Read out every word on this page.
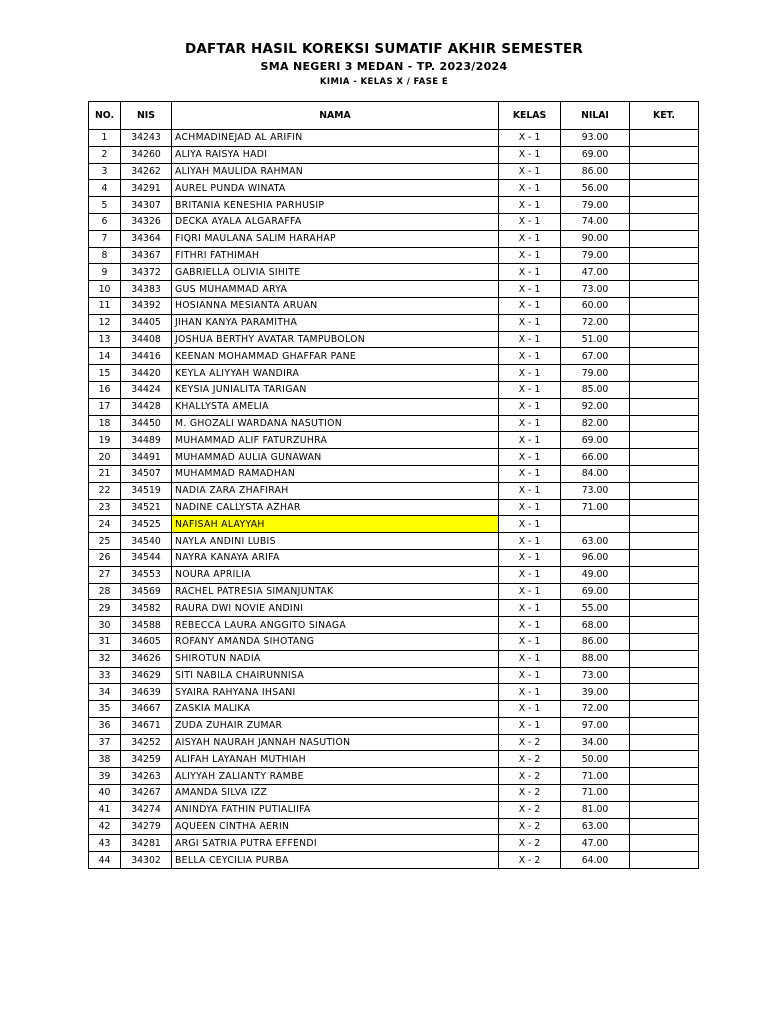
DAFTAR HASIL KOREKSI SUMATIF AKHIR SEMESTER
SMA NEGERI 3 MEDAN - TP. 2023/2024
KIMIA - KELAS X / FASE E
NO.	NIS	NAMA	KELAS	NILAI	KET.
1	34243	ACHMADINEJAD AL ARIFIN	X - 1	93.00	
2	34260	ALIYA RAISYA HADI	X - 1	69.00	
3	34262	ALIYAH MAULIDA RAHMAN	X - 1	86.00	
4	34291	AUREL PUNDA WINATA	X - 1	56.00	
5	34307	BRITANIA KENESHIA PARHUSIP	X - 1	79.00	
6	34326	DECKA AYALA ALGARAFFA	X - 1	74.00	
7	34364	FIQRI MAULANA SALIM HARAHAP	X - 1	90.00	
8	34367	FITHRI FATHIMAH	X - 1	79.00	
9	34372	GABRIELLA OLIVIA SIHITE	X - 1	47.00	
10	34383	GUS MUHAMMAD ARYA	X - 1	73.00	
11	34392	HOSIANNA MESIANTA ARUAN	X - 1	60.00	
12	34405	JIHAN KANYA PARAMITHA	X - 1	72.00	
13	34408	JOSHUA BERTHY AVATAR TAMPUBOLON	X - 1	51.00	
14	34416	KEENAN MOHAMMAD GHAFFAR PANE	X - 1	67.00	
15	34420	KEYLA ALIYYAH WANDIRA	X - 1	79.00	
16	34424	KEYSIA JUNIALITA TARIGAN	X - 1	85.00	
17	34428	KHALLYSTA AMELIA	X - 1	92.00	
18	34450	M. GHOZALI WARDANA NASUTION	X - 1	82.00	
19	34489	MUHAMMAD ALIF FATURZUHRA	X - 1	69.00	
20	34491	MUHAMMAD AULIA GUNAWAN	X - 1	66.00	
21	34507	MUHAMMAD RAMADHAN	X - 1	84.00	
22	34519	NADIA ZARA ZHAFIRAH	X - 1	73.00	
23	34521	NADINE CALLYSTA AZHAR	X - 1	71.00	
24	34525	NAFISAH ALAYYAH	X - 1		
25	34540	NAYLA ANDINI LUBIS	X - 1	63.00	
26	34544	NAYRA KANAYA ARIFA	X - 1	96.00	
27	34553	NOURA APRILIA	X - 1	49.00	
28	34569	RACHEL PATRESIA SIMANJUNTAK	X - 1	69.00	
29	34582	RAURA DWI NOVIE ANDINI	X - 1	55.00	
30	34588	REBECCA LAURA ANGGITO SINAGA	X - 1	68.00	
31	34605	ROFANY AMANDA SIHOTANG	X - 1	86.00	
32	34626	SHIROTUN NADIA	X - 1	88.00	
33	34629	SITI NABILA CHAIRUNNISA	X - 1	73.00	
34	34639	SYAIRA RAHYANA IHSANI	X - 1	39.00	
35	34667	ZASKIA MALIKA	X - 1	72.00	
36	34671	ZUDA ZUHAIR ZUMAR	X - 1	97.00	
37	34252	AISYAH NAURAH JANNAH NASUTION	X - 2	34.00	
38	34259	ALIFAH LAYANAH MUTHIAH	X - 2	50.00	
39	34263	ALIYYAH ZALIANTY RAMBE	X - 2	71.00	
40	34267	AMANDA SILVA IZZ	X - 2	71.00	
41	34274	ANINDYA FATHIN PUTIALIIFA	X - 2	81.00	
42	34279	AQUEEN CINTHA AERIN	X - 2	63.00	
43	34281	ARGI SATRIA PUTRA EFFENDI	X - 2	47.00	
44	34302	BELLA CEYCILIA PURBA	X - 2	64.00	
